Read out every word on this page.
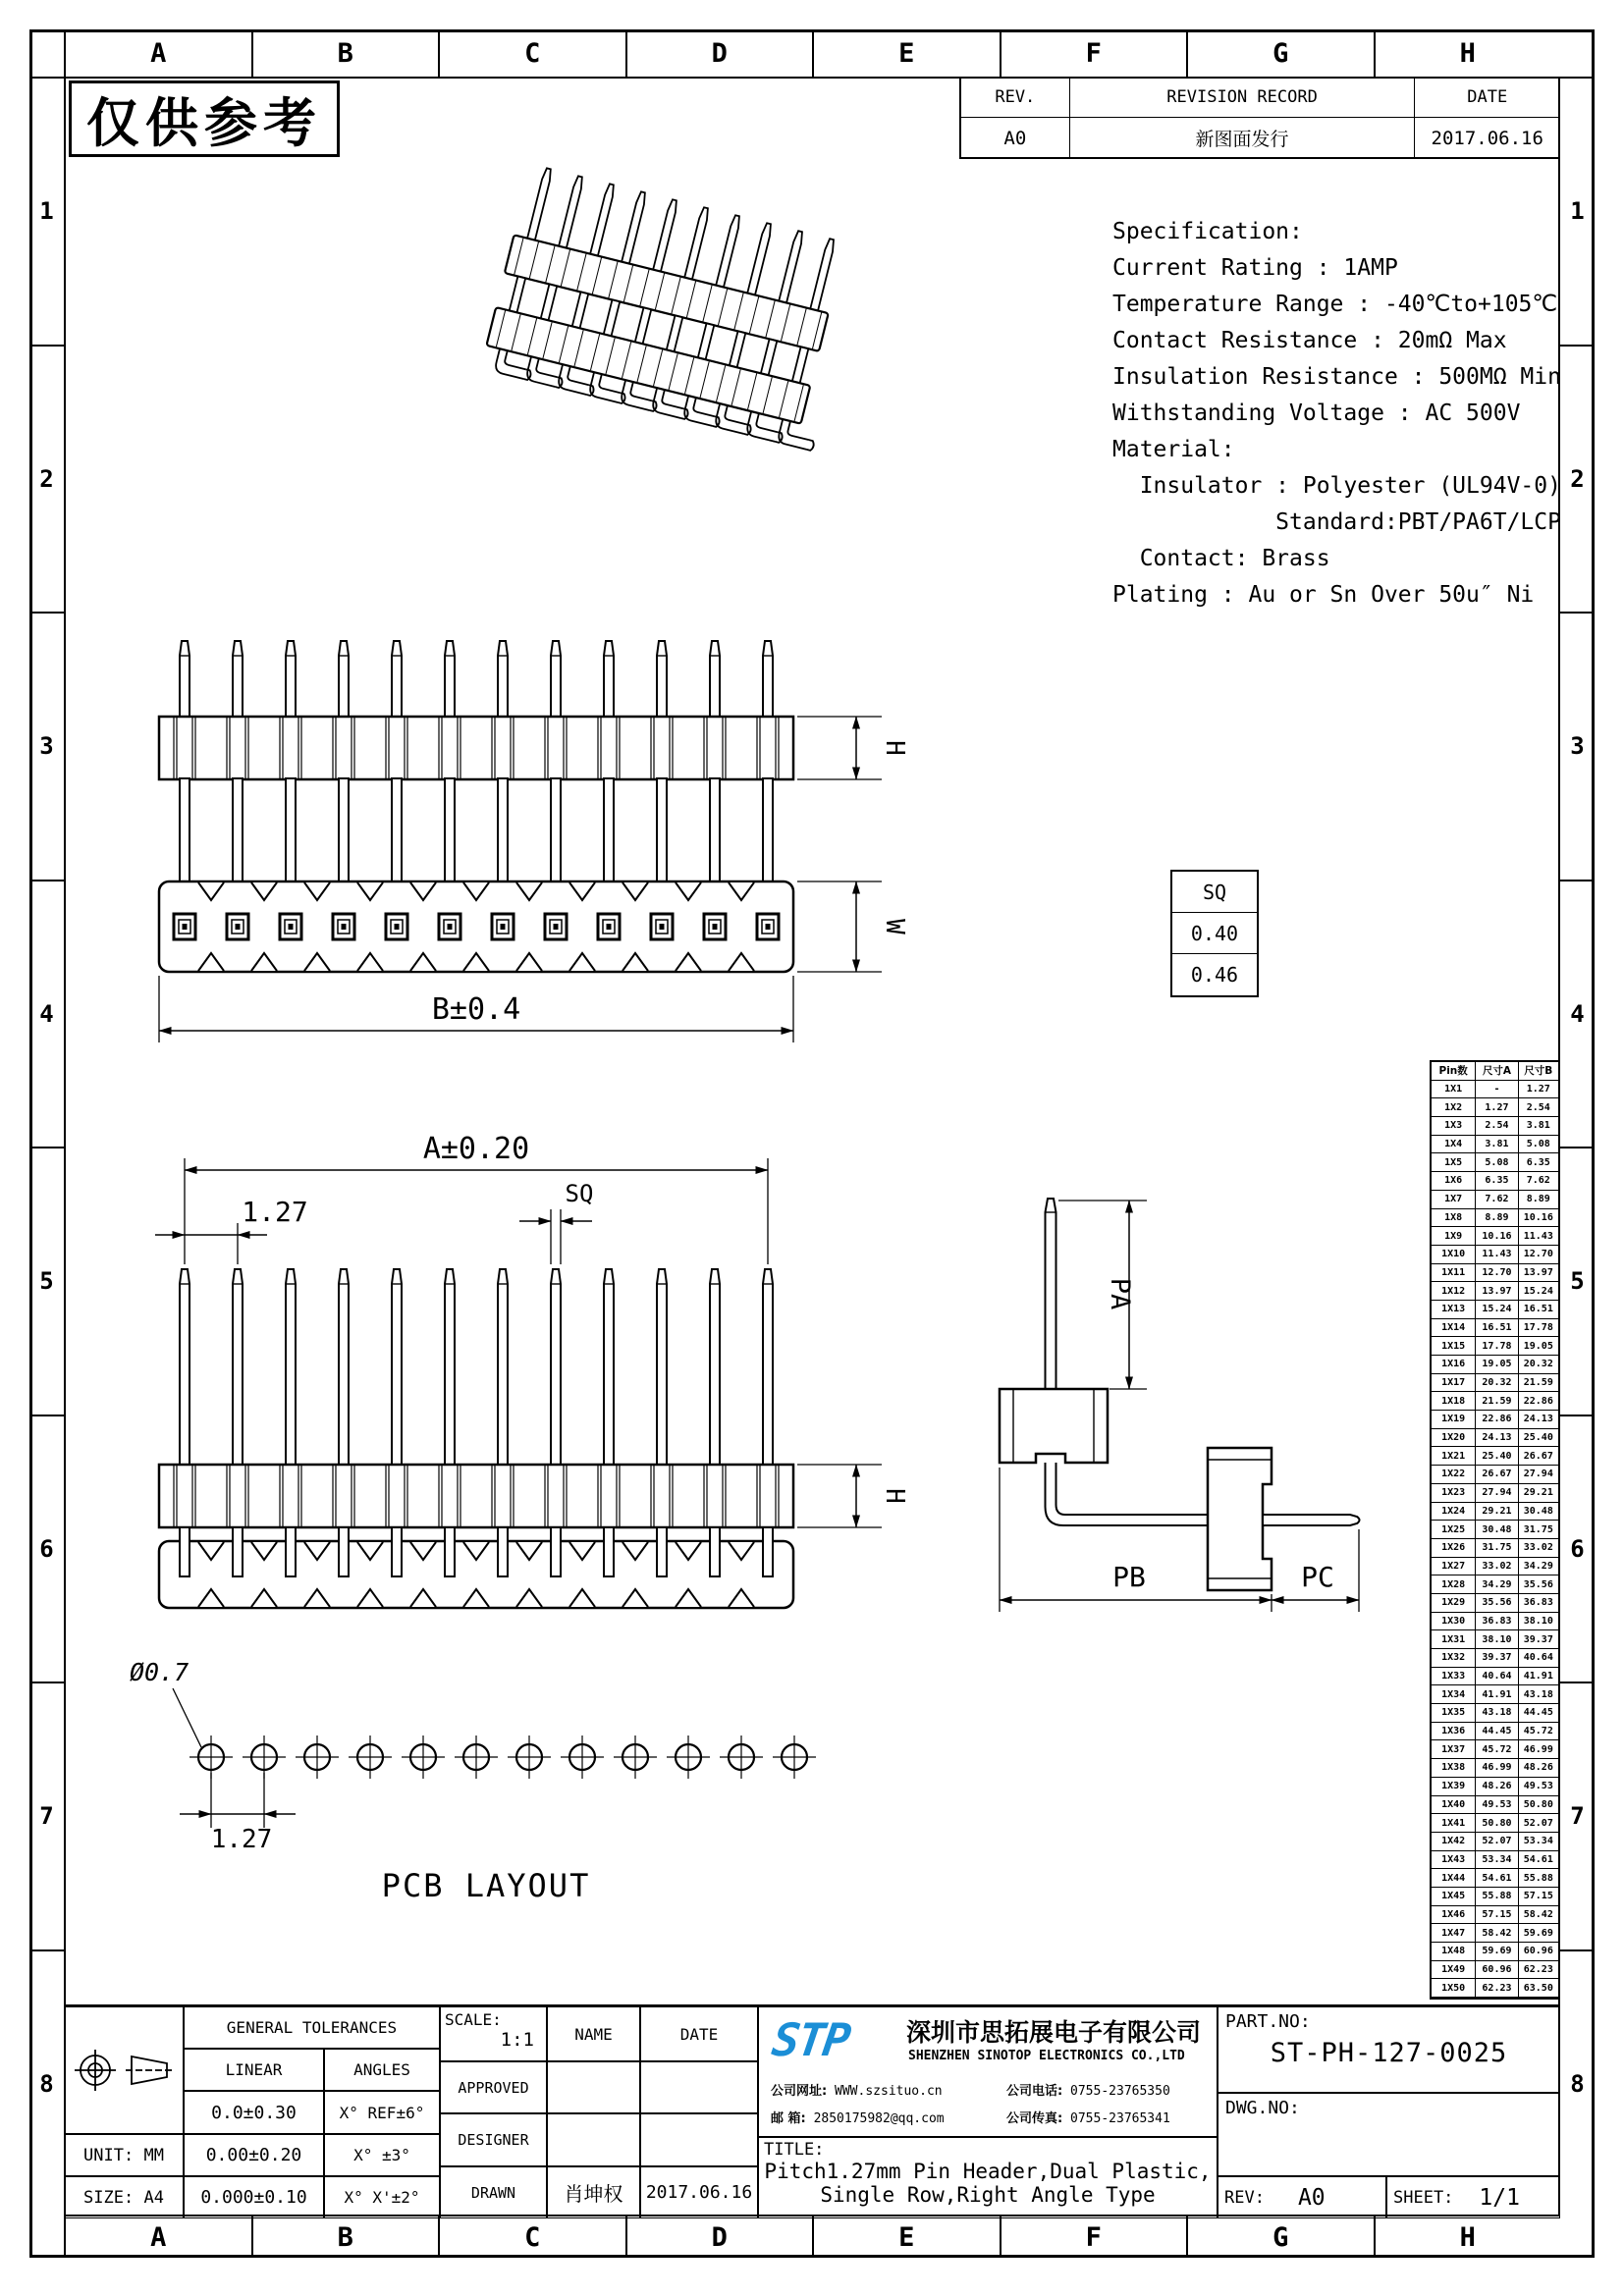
A	B	C	D	E	F	G	H
A	B	C	D	E	F	G	H
1
2
3
4
5
6
7
8
1
2
3
4
5
6
7
8
仅供参考	REV.	REVISION RECORD	DATE
A0	新图面发行	2017.06.16
Specification:
Current Rating : 1AMP
Temperature Range : -40℃to+105℃
Contact Resistance : 20mΩ Max
Insulation Resistance : 500MΩ Min
Withstanding Voltage : AC 500V
Material:
Insulator : Polyester (UL94V-0)
Standard:PBT/PA6T/LCP
Contact: Brass
Plating : Au or Sn Over 50u″ Ni
B±0.4
H
W
SQ
0.40
0.46
Pin数	尺寸A	尺寸B
1X1	-	1.27
1X2	1.27	2.54
1X3	2.54	3.81
1X4	3.81	5.08
1X5	5.08	6.35
1X6	6.35	7.62
1X7	7.62	8.89
1X8	8.89	10.16
1X9	10.16	11.43
1X10	11.43	12.70
1X11	12.70	13.97
1X12	13.97	15.24
1X13	15.24	16.51
1X14	16.51	17.78
1X15	17.78	19.05
1X16	19.05	20.32
1X17	20.32	21.59
1X18	21.59	22.86
1X19	22.86	24.13
1X20	24.13	25.40
1X21	25.40	26.67
1X22	26.67	27.94
1X23	27.94	29.21
1X24	29.21	30.48
1X25	30.48	31.75
1X26	31.75	33.02
1X27	33.02	34.29
1X28	34.29	35.56
1X29	35.56	36.83
1X30	36.83	38.10
1X31	38.10	39.37
1X32	39.37	40.64
1X33	40.64	41.91
1X34	41.91	43.18
1X35	43.18	44.45
1X36	44.45	45.72
1X37	45.72	46.99
1X38	46.99	48.26
1X39	48.26	49.53
1X40	49.53	50.80
1X41	50.80	52.07
1X42	52.07	53.34
1X43	53.34	54.61
1X44	54.61	55.88
1X45	55.88	57.15
1X46	57.15	58.42
1X47	58.42	59.69
1X48	59.69	60.96
1X49	60.96	62.23
1X50	62.23	63.50
A±0.20
1.27
SQ
H
PA
PB	PC
Ø0.7
1.27
PCB LAYOUT
UNIT: MM
SIZE: A4
GENERAL TOLERANCES
LINEAR	ANGLES
0.0±0.30	X° REF±6°
0.00±0.20	X° ±3°
0.000±0.10	X° X'±2°
SCALE:
1:1	NAME	DATE
APPROVED
DESIGNER
DRAWN	肖坤权	2017.06.16
STP 深圳市思拓展电子有限公司
SHENZHEN SINOTOP ELECTRONICS CO.,LTD
公司网址: WWW.szsituo.cn
邮 箱: 2850175982@qq.com
公司电话: 0755-23765350
公司传真: 0755-23765341
TITLE:
Pitch1.27mm Pin Header,Dual Plastic,
Single Row,Right Angle Type
PART.NO:
ST-PH-127-0025
DWG.NO:
REV: A0	SHEET: 1/1
